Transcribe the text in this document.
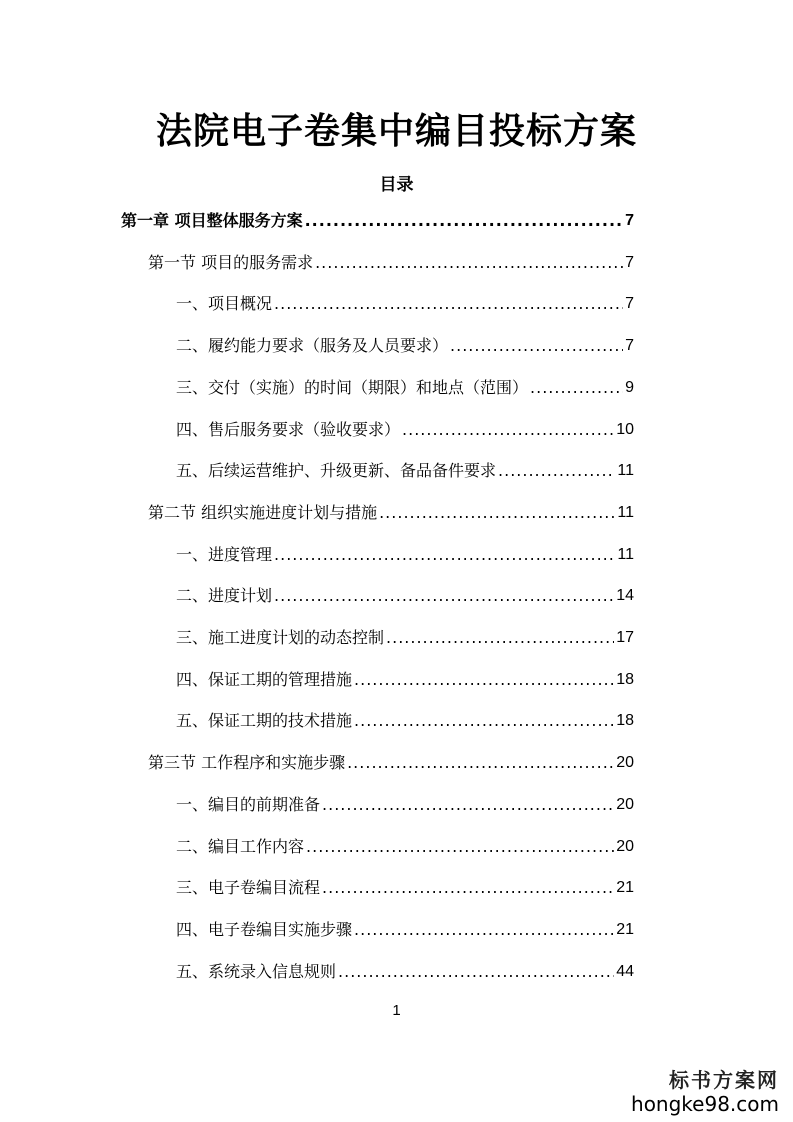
法院电子卷集中编目投标方案
目录
第一章 项目整体服务方案 .....	7
第一节 项目的服务需求 .....	7
一、项目概况 .....	7
二、履约能力要求（服务及人员要求） .....	7
三、交付（实施）的时间（期限）和地点（范围） .....	9
四、售后服务要求（验收要求） .....	10
五、后续运营维护、升级更新、备品备件要求 .....	11
第二节 组织实施进度计划与措施 .....	11
一、进度管理 .....	11
二、进度计划 .....	14
三、施工进度计划的动态控制 .....	17
四、保证工期的管理措施 .....	18
五、保证工期的技术措施 .....	18
第三节 工作程序和实施步骤 .....	20
一、编目的前期准备 .....	20
二、编目工作内容 .....	20
三、电子卷编目流程 .....	21
四、电子卷编目实施步骤 .....	21
五、系统录入信息规则 .....	44
1
标书方案网
hongke98.com
